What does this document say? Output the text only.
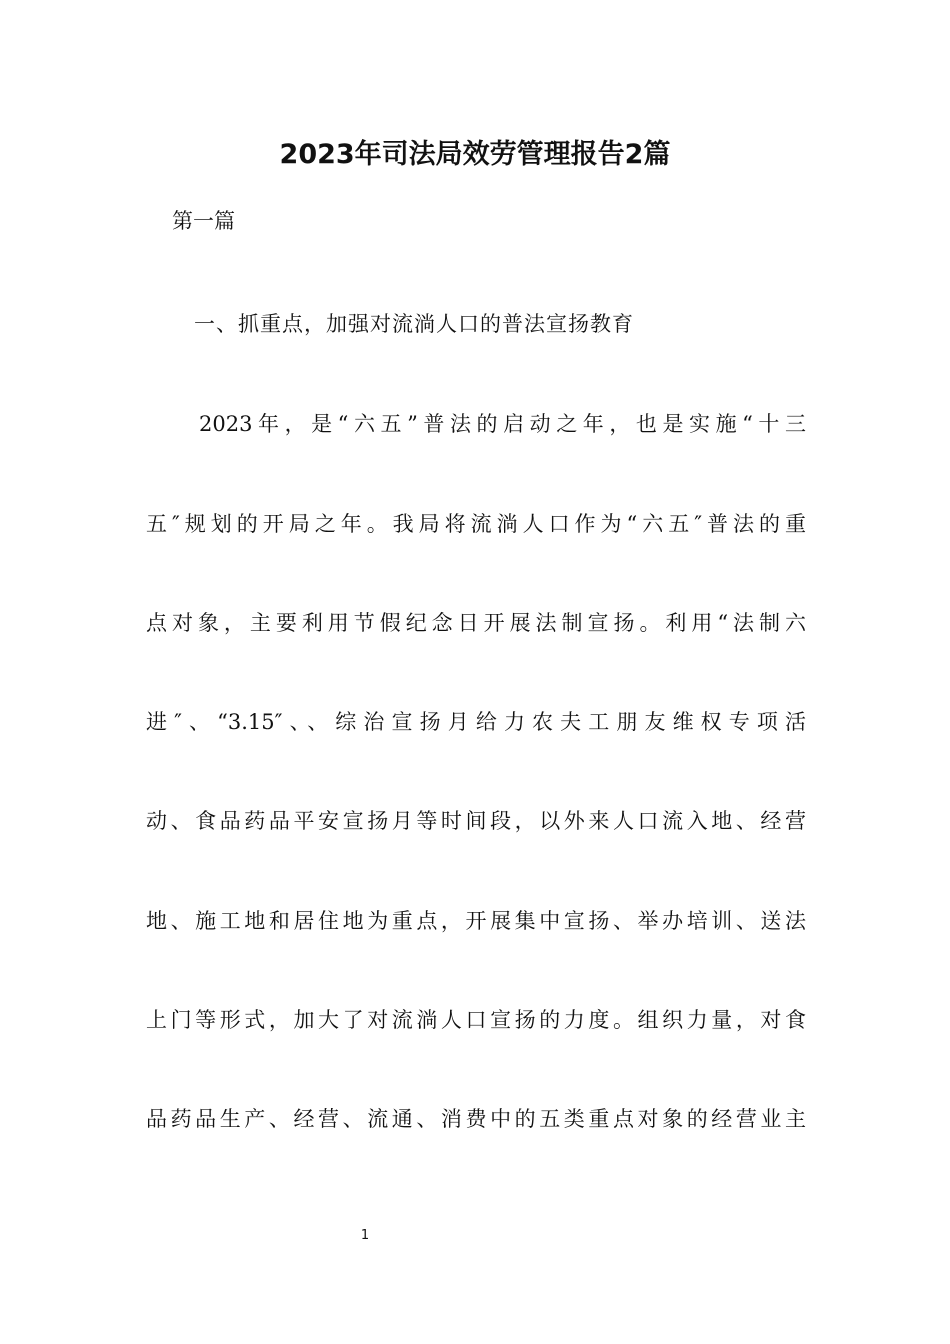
2023年司法局效劳管理报告2篇

第一篇

一、抓重点，加强对流淌人口的普法宣扬教育

2023年，是“六五”普法的启动之年，也是实施“十三

五″规划的开局之年。我局将流淌人口作为“六五″普法的重

点对象，主要利用节假纪念日开展法制宣扬。利用“法制六

进″、“3.15″、、综治宣扬月给力农夫工朋友维权专项活

动、食品药品平安宣扬月等时间段，以外来人口流入地、经营

地、施工地和居住地为重点，开展集中宣扬、举办培训、送法

上门等形式，加大了对流淌人口宣扬的力度。组织力量，对食

品药品生产、经营、流通、消费中的五类重点对象的经营业主

1
